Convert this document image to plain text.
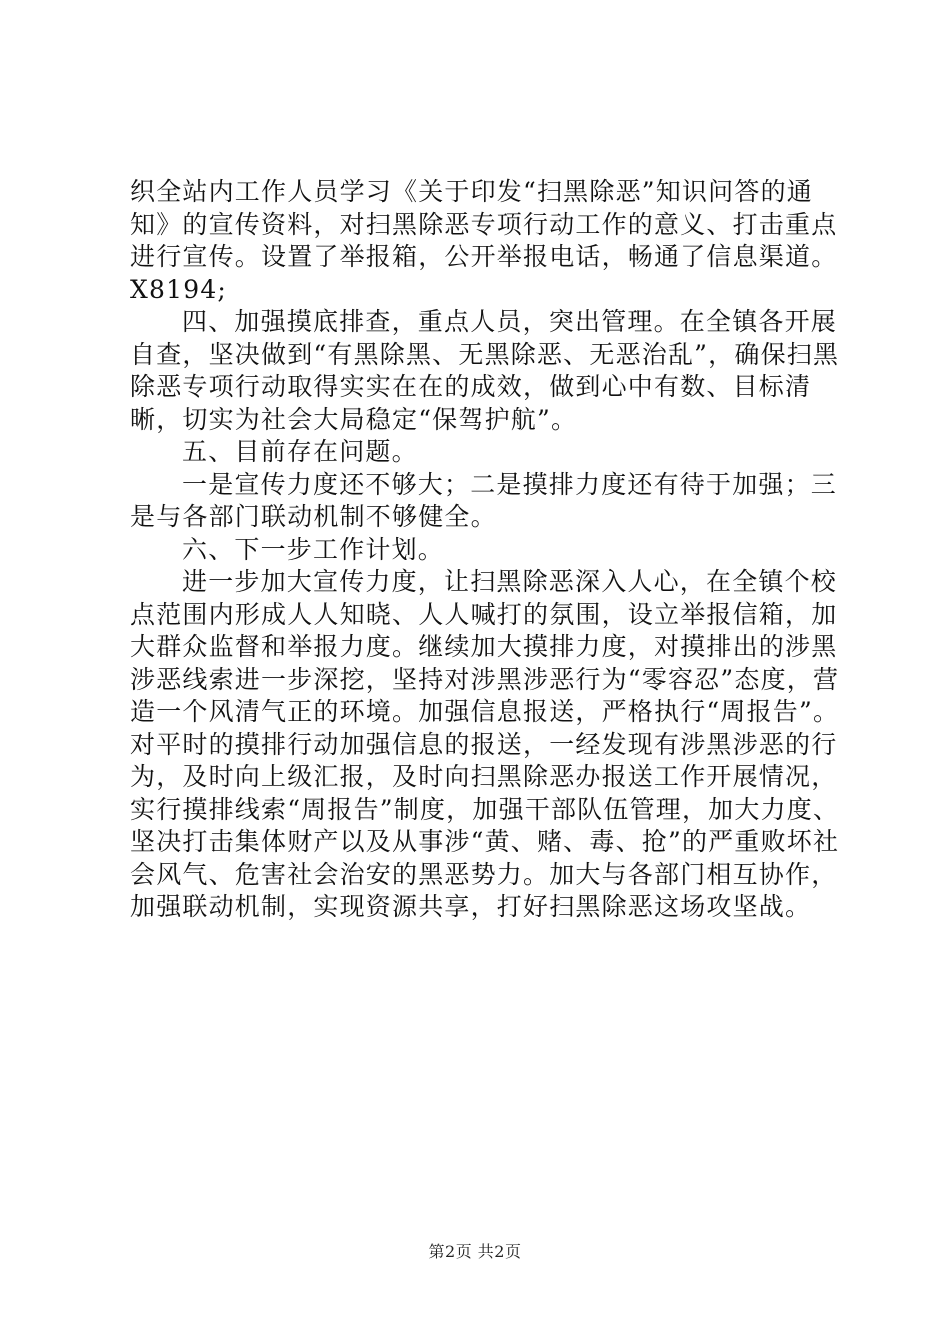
织全站内工作人员学习《关于印发“扫黑除恶”知识问答的通知》的宣传资料，对扫黑除恶专项行动工作的意义、打击重点进行宣传。设置了举报箱，公开举报电话，畅通了信息渠道。X8194;

四、加强摸底排查，重点人员，突出管理。在全镇各开展自查，坚决做到“有黑除黑、无黑除恶、无恶治乱”，确保扫黑除恶专项行动取得实实在在的成效，做到心中有数、目标清晰，切实为社会大局稳定“保驾护航”。

五、目前存在问题。

一是宣传力度还不够大；二是摸排力度还有待于加强；三是与各部门联动机制不够健全。

六、下一步工作计划。

进一步加大宣传力度，让扫黑除恶深入人心，在全镇个校点范围内形成人人知晓、人人喊打的氛围，设立举报信箱，加大群众监督和举报力度。继续加大摸排力度，对摸排出的涉黑涉恶线索进一步深挖，坚持对涉黑涉恶行为“零容忍”态度，营造一个风清气正的环境。加强信息报送，严格执行“周报告”。对平时的摸排行动加强信息的报送，一经发现有涉黑涉恶的行为，及时向上级汇报，及时向扫黑除恶办报送工作开展情况，实行摸排线索“周报告”制度，加强干部队伍管理，加大力度、坚决打击集体财产以及从事涉“黄、赌、毒、抢”的严重败坏社会风气、危害社会治安的黑恶势力。加大与各部门相互协作，加强联动机制，实现资源共享，打好扫黑除恶这场攻坚战。

第2页 共2页
